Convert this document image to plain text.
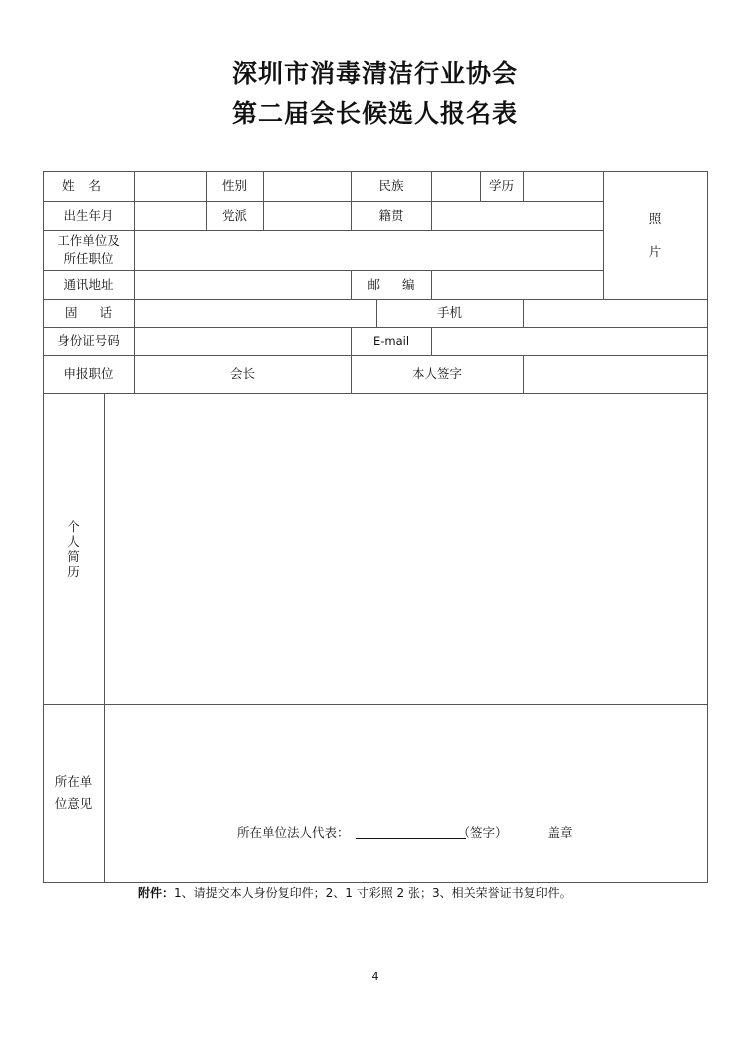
深圳市消毒清洁行业协会
第二届会长候选人报名表
姓名	性别	民族	学历
照
片
出生年月	党派	籍贯
工作单位及
所任职位
通讯地址	邮编
固话	手机
身份证号码	E-mail
申报职位	会长	本人签字
个
人
简
历
所在单
位意见
所在单位法人代表：	（签字）	盖章
附件：1、请提交本人身份复印件；2、1 寸彩照 2 张；3、相关荣誉证书复印件。
4
